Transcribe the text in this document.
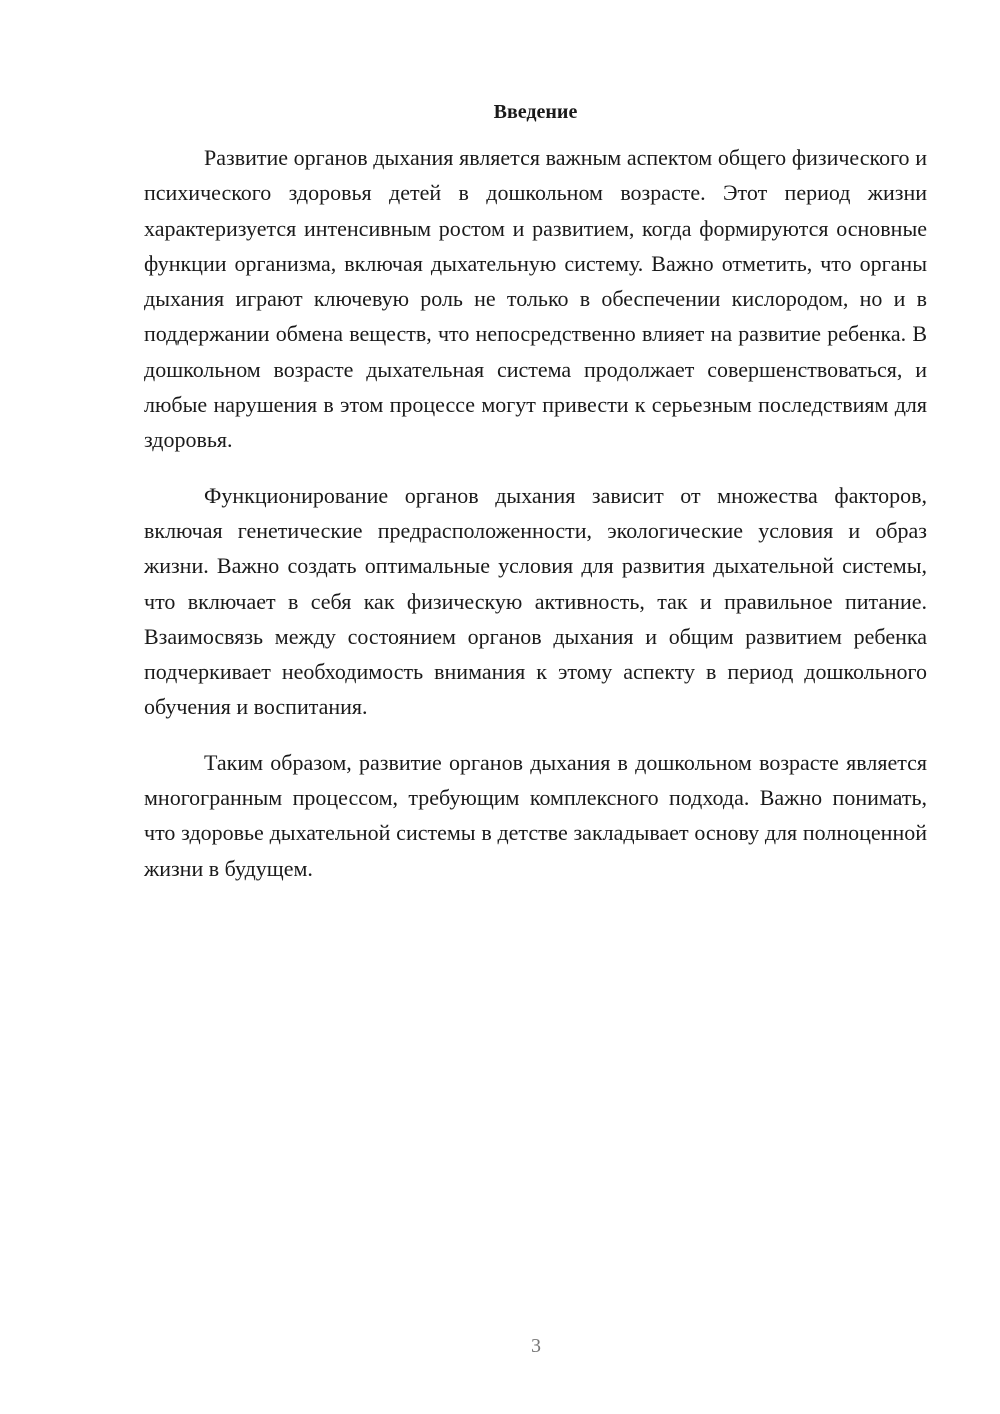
Введение

Развитие органов дыхания является важным аспектом общего физического и психического здоровья детей в дошкольном возрасте. Этот период жизни характеризуется интенсивным ростом и развитием, когда формируются основные функции организма, включая дыхательную систему. Важно отметить, что органы дыхания играют ключевую роль не только в обеспечении кислородом, но и в поддержании обмена веществ, что непосредственно влияет на развитие ребенка. В дошкольном возрасте дыхательная система продолжает совершенствоваться, и любые нарушения в этом процессе могут привести к серьезным последствиям для здоровья.

Функционирование органов дыхания зависит от множества факторов, включая генетические предрасположенности, экологические условия и образ жизни. Важно создать оптимальные условия для развития дыхательной системы, что включает в себя как физическую активность, так и правильное питание. Взаимосвязь между состоянием органов дыхания и общим развитием ребенка подчеркивает необходимость внимания к этому аспекту в период дошкольного обучения и воспитания.

Таким образом, развитие органов дыхания в дошкольном возрасте является многогранным процессом, требующим комплексного подхода. Важно понимать, что здоровье дыхательной системы в детстве закладывает основу для полноценной жизни в будущем.

3
